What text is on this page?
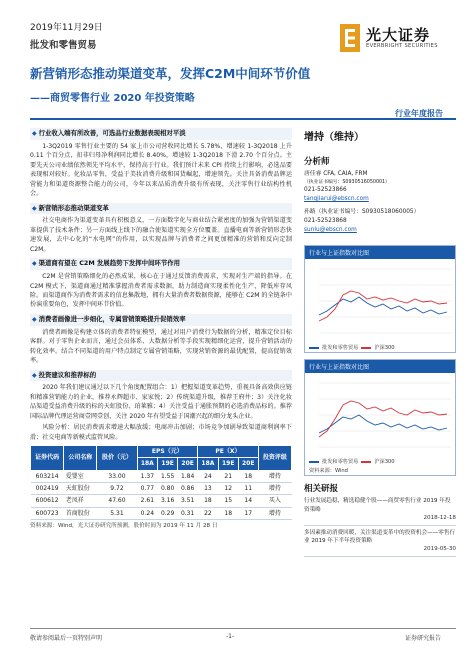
2019年11月29日
批发和零售贸易
光大证券
EVERBRIGHT SECURITIES
新营销形态推动渠道变革，发挥C2M中间环节价值
——商贸零售行业 2020 年投资策略
行业年度报告
◆ 行业收入端有所改善，可选品行业数据表现相对平淡
1-3Q2019 零售行业主要的 54 家上市公司营收同比增长 5.78%，增速较 1-3Q2018 上升 0.11 个百分点，扣非归母净利润同比增长 8.40%，增速较 1-3Q2018 下滑 2.70 个百分点。主要先天公司业绩依然领先平均水平，保持高于行业。我们预计未来 CPI 持续上行影响，必选品要表现相对较好。化妆品零售，受益于美妆消费升级和国货崛起，增速领先。关注具备消费品牌运营能力和渠道资源整合能力的公司，今年以来品质消费升级有所表现，关注零售行业结构性机会。
◆ 新营销形态推动渠道变革
社交电商作为渠道变革具有积极意义，一方面数字化与商业结合紧密度的加强为营销渠道变革提供了技术条件；另一方面线上线下的融合使渠道实现全方位覆盖。直播电商等新营销形态快速发展，去中心化的“水电网”的作用，以实现品牌与消费者之间更加精准的营销和反向定制 C2M。
◆ 渠道商有望在 C2M 发展趋势下发挥中间环节作用
C2M 是营销策略细化的必然成果，核心在于通过反馈消费需求，实现对生产端的指导。在 C2M 模式下，渠道商通过精准掌握消费者需求数据，助力制造商实现柔性化生产，降低库存风险。而渠道商作为消费者需求的信息集散地，拥有大量消费者数据资源，能够在 C2M 的全链条中扮演重要角色，发挥中间环节价值。
◆ 消费者画像进一步细化，专属营销策略提升促销效率
消费者画像是构建立体的消费者特征模型，通过对用户消费行为数据的分析，精准定位目标客群。对于零售企业而言，通过会员体系、大数据分析等手段实现精细化运营，提升营销活动的转化效率。结合不同渠道的用户特点制定专属营销策略，实现营销资源的最优配置，提高促销效率。
◆ 投资建议和推荐标的
2020 年我们建议通过以下几个角度配置组合：1）把握渠道变革趋势，重视具备高效供应链和精准营销能力的企业，推荐永辉超市、家家悦；2）传统渠道升级，推荐王府井；3）关注化妆品渠道受益消费升级的标的天虹股份、珀莱雅；4）关注受益于通胀预期的必选消费品标的。推荐国际品牌代理运营商壹网壹创，关注 2020 年有望受益于国潮兴起的细分龙头企业。
风险分析：居民消费需求增速大幅放缓；电商冲击加剧；市场竞争加剧导致渠道商利润率下滑；社交电商等新模式监管风险。
证券代码	公司名称	股价（元）	EPS（元）			PE（X）			投资评级
			18A	19E	20E	18A	19E	20E	
603214	爱婴室	33.00	1.37	1.55	1.84	24	21	18	增持
002419	天虹股份	9.72	0.77	0.80	0.86	13	12	11	增持
600612	老凤祥	47.60	2.61	3.16	3.51	18	15	14	买入
600723	首商股份	5.31	0.24	0.29	0.31	22	18	17	增持
资料来源：Wind，光大证券研究所预测，股价时间为 2019 年 11 月 28 日
增持（维持）
分析师
唐佳睿 CFA, CAIA, FRM
（执业证书编号：S0930516050001）
021-52523866
tangjiarui@ebscn.com
孙路（执业证书编号：S0930518060005）
021-52523868
sunlu@ebscn.com
行业与上证指数对比图
批发和零售贸易	沪深300
行业与上证指数对比图
批发和零售贸易	沪深300
资料来源：Wind
相关研报
行业发展趋稳，精选稳健个股——商贸零售行业 2019 年投资策略
2018-12-18
多因素推动消费回暖，关注渠道变革中的投资机会——零售行业 2019 年下半年投资策略
2019-05-30
敬请参阅最后一页特别声明	-1-	证券研究报告
